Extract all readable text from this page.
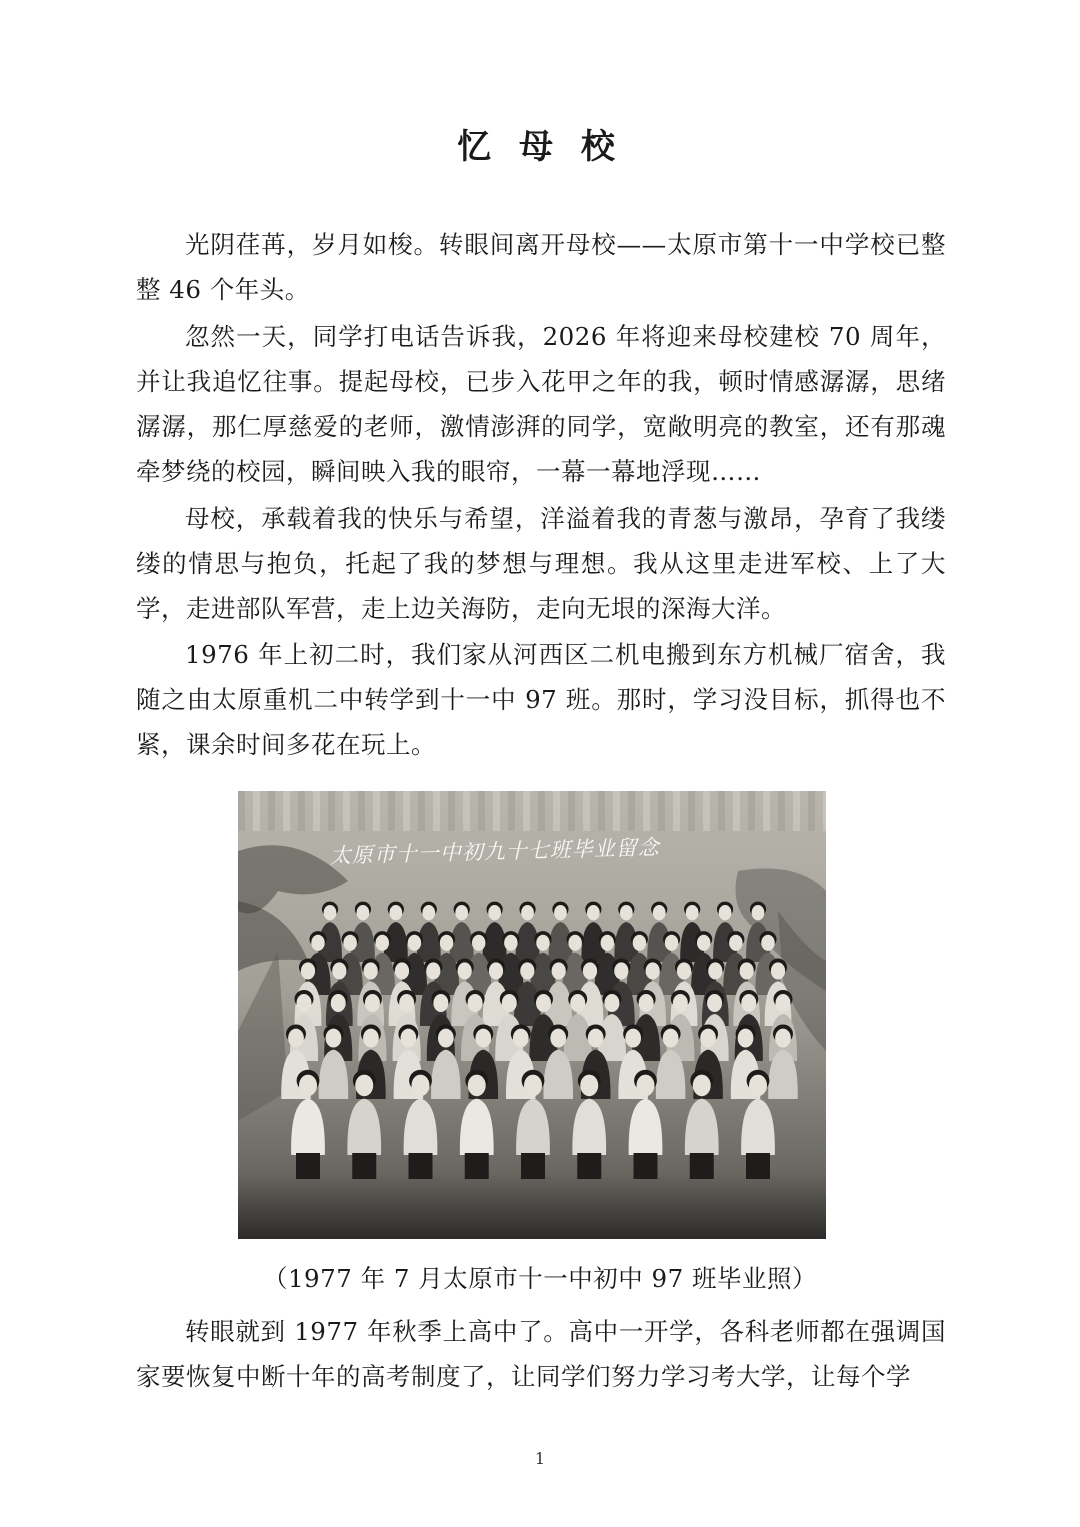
忆 母 校

光阴荏苒，岁月如梭。转眼间离开母校——太原市第十一中学校已整整 46 个年头。

忽然一天，同学打电话告诉我，2026 年将迎来母校建校 70 周年，并让我追忆往事。提起母校，已步入花甲之年的我，顿时情感潺潺，思绪潺潺，那仁厚慈爱的老师，激情澎湃的同学，宽敞明亮的教室，还有那魂牵梦绕的校园，瞬间映入我的眼帘，一幕一幕地浮现……

母校，承载着我的快乐与希望，洋溢着我的青葱与激昂，孕育了我缕缕的情思与抱负，托起了我的梦想与理想。我从这里走进军校、上了大学，走进部队军营，走上边关海防，走向无垠的深海大洋。

1976 年上初二时，我们家从河西区二机电搬到东方机械厂宿舍，我随之由太原重机二中转学到十一中 97 班。那时，学习没目标，抓得也不紧，课余时间多花在玩上。

太原市十一中初九十七班毕业留念
（1977 年 7 月太原市十一中初中 97 班毕业照）

转眼就到 1977 年秋季上高中了。高中一开学，各科老师都在强调国家要恢复中断十年的高考制度了，让同学们努力学习考大学，让每个学

1
